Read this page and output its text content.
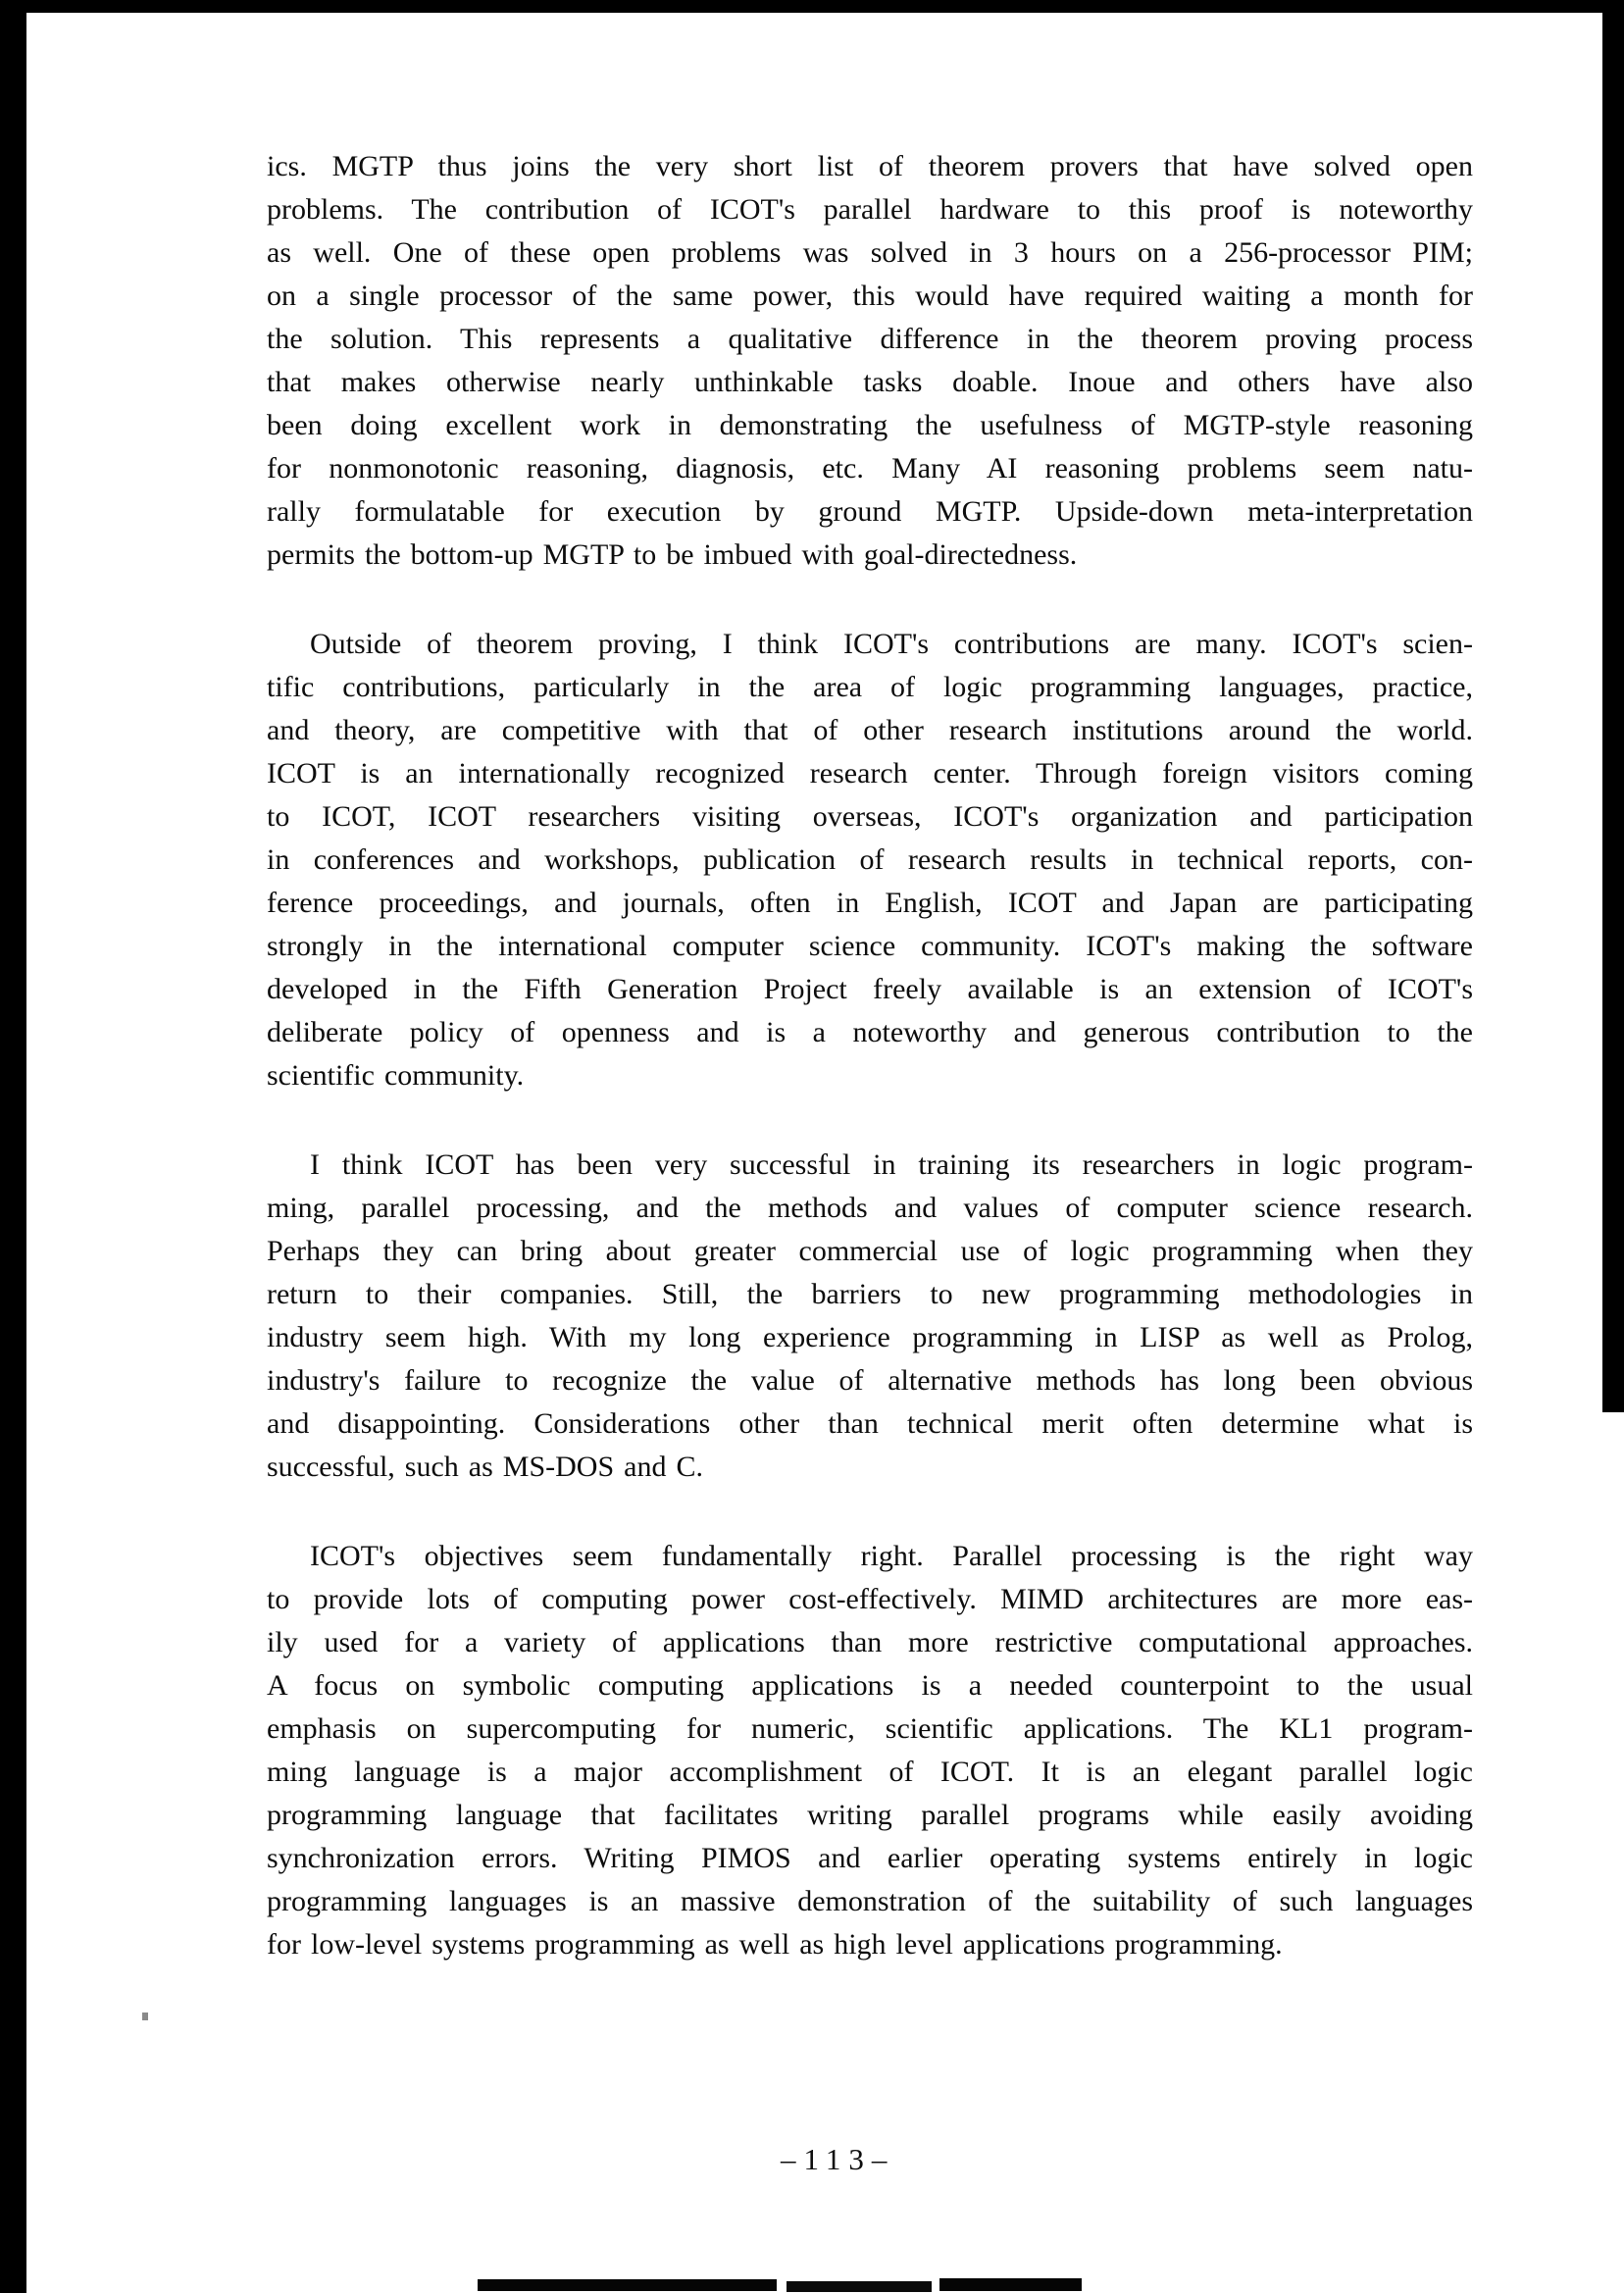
ics. MGTP thus joins the very short list of theorem provers that have solved open
problems. The contribution of ICOT's parallel hardware to this proof is noteworthy
as well. One of these open problems was solved in 3 hours on a 256-processor PIM;
on a single processor of the same power, this would have required waiting a month for
the solution. This represents a qualitative difference in the theorem proving process
that makes otherwise nearly unthinkable tasks doable. Inoue and others have also
been doing excellent work in demonstrating the usefulness of MGTP-style reasoning
for nonmonotonic reasoning, diagnosis, etc. Many AI reasoning problems seem natu-
rally formulatable for execution by ground MGTP. Upside-down meta-interpretation
permits the bottom-up MGTP to be imbued with goal-directedness.
Outside of theorem proving, I think ICOT's contributions are many. ICOT's scien-
tific contributions, particularly in the area of logic programming languages, practice,
and theory, are competitive with that of other research institutions around the world.
ICOT is an internationally recognized research center. Through foreign visitors coming
to ICOT, ICOT researchers visiting overseas, ICOT's organization and participation
in conferences and workshops, publication of research results in technical reports, con-
ference proceedings, and journals, often in English, ICOT and Japan are participating
strongly in the international computer science community. ICOT's making the software
developed in the Fifth Generation Project freely available is an extension of ICOT's
deliberate policy of openness and is a noteworthy and generous contribution to the
scientific community.
I think ICOT has been very successful in training its researchers in logic program-
ming, parallel processing, and the methods and values of computer science research.
Perhaps they can bring about greater commercial use of logic programming when they
return to their companies. Still, the barriers to new programming methodologies in
industry seem high. With my long experience programming in LISP as well as Prolog,
industry's failure to recognize the value of alternative methods has long been obvious
and disappointing. Considerations other than technical merit often determine what is
successful, such as MS-DOS and C.
ICOT's objectives seem fundamentally right. Parallel processing is the right way
to provide lots of computing power cost-effectively. MIMD architectures are more eas-
ily used for a variety of applications than more restrictive computational approaches.
A focus on symbolic computing applications is a needed counterpoint to the usual
emphasis on supercomputing for numeric, scientific applications. The KL1 program-
ming language is a major accomplishment of ICOT. It is an elegant parallel logic
programming language that facilitates writing parallel programs while easily avoiding
synchronization errors. Writing PIMOS and earlier operating systems entirely in logic
programming languages is an massive demonstration of the suitability of such languages
for low-level systems programming as well as high level applications programming.
–113–
